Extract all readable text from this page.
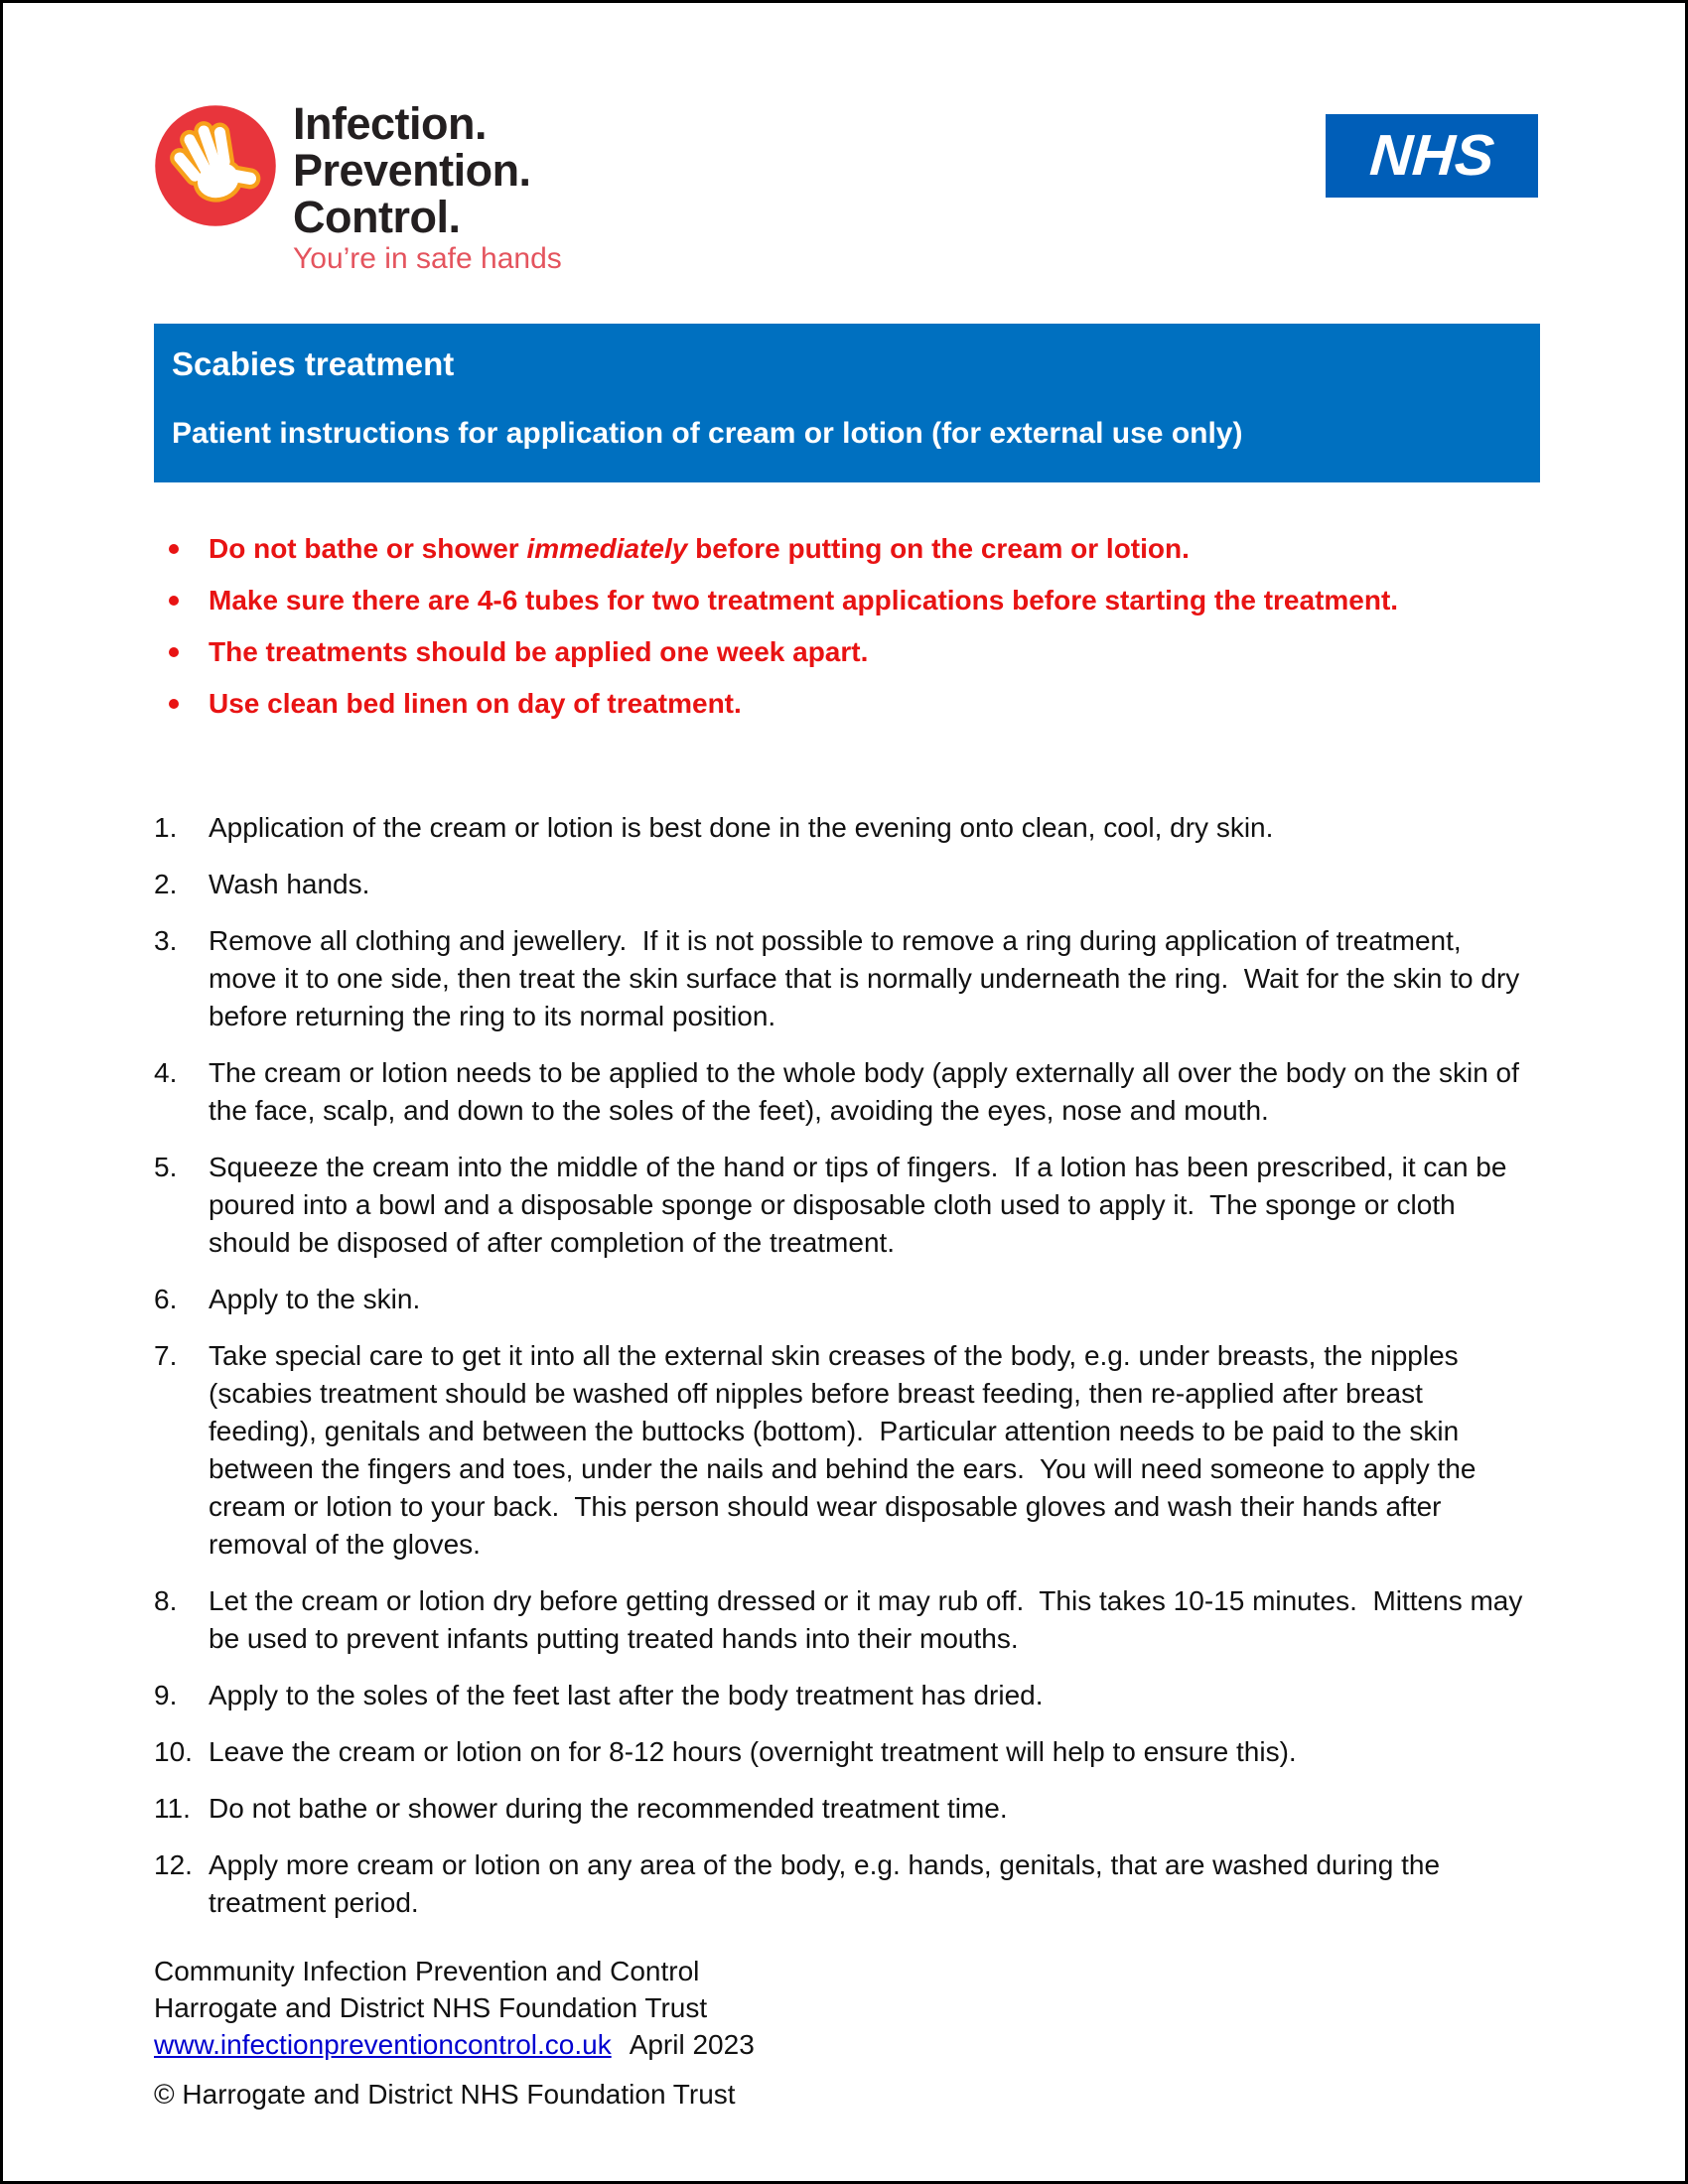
Infection.
Prevention.
Control.
You’re in safe hands
NHS
Scabies treatment
Patient instructions for application of cream or lotion (for external use only)
Do not bathe or shower immediately before putting on the cream or lotion.
Make sure there are 4-6 tubes for two treatment applications before starting the treatment.
The treatments should be applied one week apart.
Use clean bed linen on day of treatment.
1. Application of the cream or lotion is best done in the evening onto clean, cool, dry skin.
2. Wash hands.
3. Remove all clothing and jewellery.  If it is not possible to remove a ring during application of treatment, move it to one side, then treat the skin surface that is normally underneath the ring.  Wait for the skin to dry before returning the ring to its normal position.
4. The cream or lotion needs to be applied to the whole body (apply externally all over the body on the skin of the face, scalp, and down to the soles of the feet), avoiding the eyes, nose and mouth.
5. Squeeze the cream into the middle of the hand or tips of fingers.  If a lotion has been prescribed, it can be poured into a bowl and a disposable sponge or disposable cloth used to apply it.  The sponge or cloth should be disposed of after completion of the treatment.
6. Apply to the skin.
7. Take special care to get it into all the external skin creases of the body, e.g. under breasts, the nipples (scabies treatment should be washed off nipples before breast feeding, then re-applied after breast feeding), genitals and between the buttocks (bottom).  Particular attention needs to be paid to the skin between the fingers and toes, under the nails and behind the ears.  You will need someone to apply the cream or lotion to your back.  This person should wear disposable gloves and wash their hands after removal of the gloves.
8. Let the cream or lotion dry before getting dressed or it may rub off.  This takes 10-15 minutes.  Mittens may be used to prevent infants putting treated hands into their mouths.
9. Apply to the soles of the feet last after the body treatment has dried.
10. Leave the cream or lotion on for 8-12 hours (overnight treatment will help to ensure this).
11. Do not bathe or shower during the recommended treatment time.
12. Apply more cream or lotion on any area of the body, e.g. hands, genitals, that are washed during the treatment period.
Community Infection Prevention and Control
Harrogate and District NHS Foundation Trust
www.infectionpreventioncontrol.co.uk April 2023
© Harrogate and District NHS Foundation Trust
